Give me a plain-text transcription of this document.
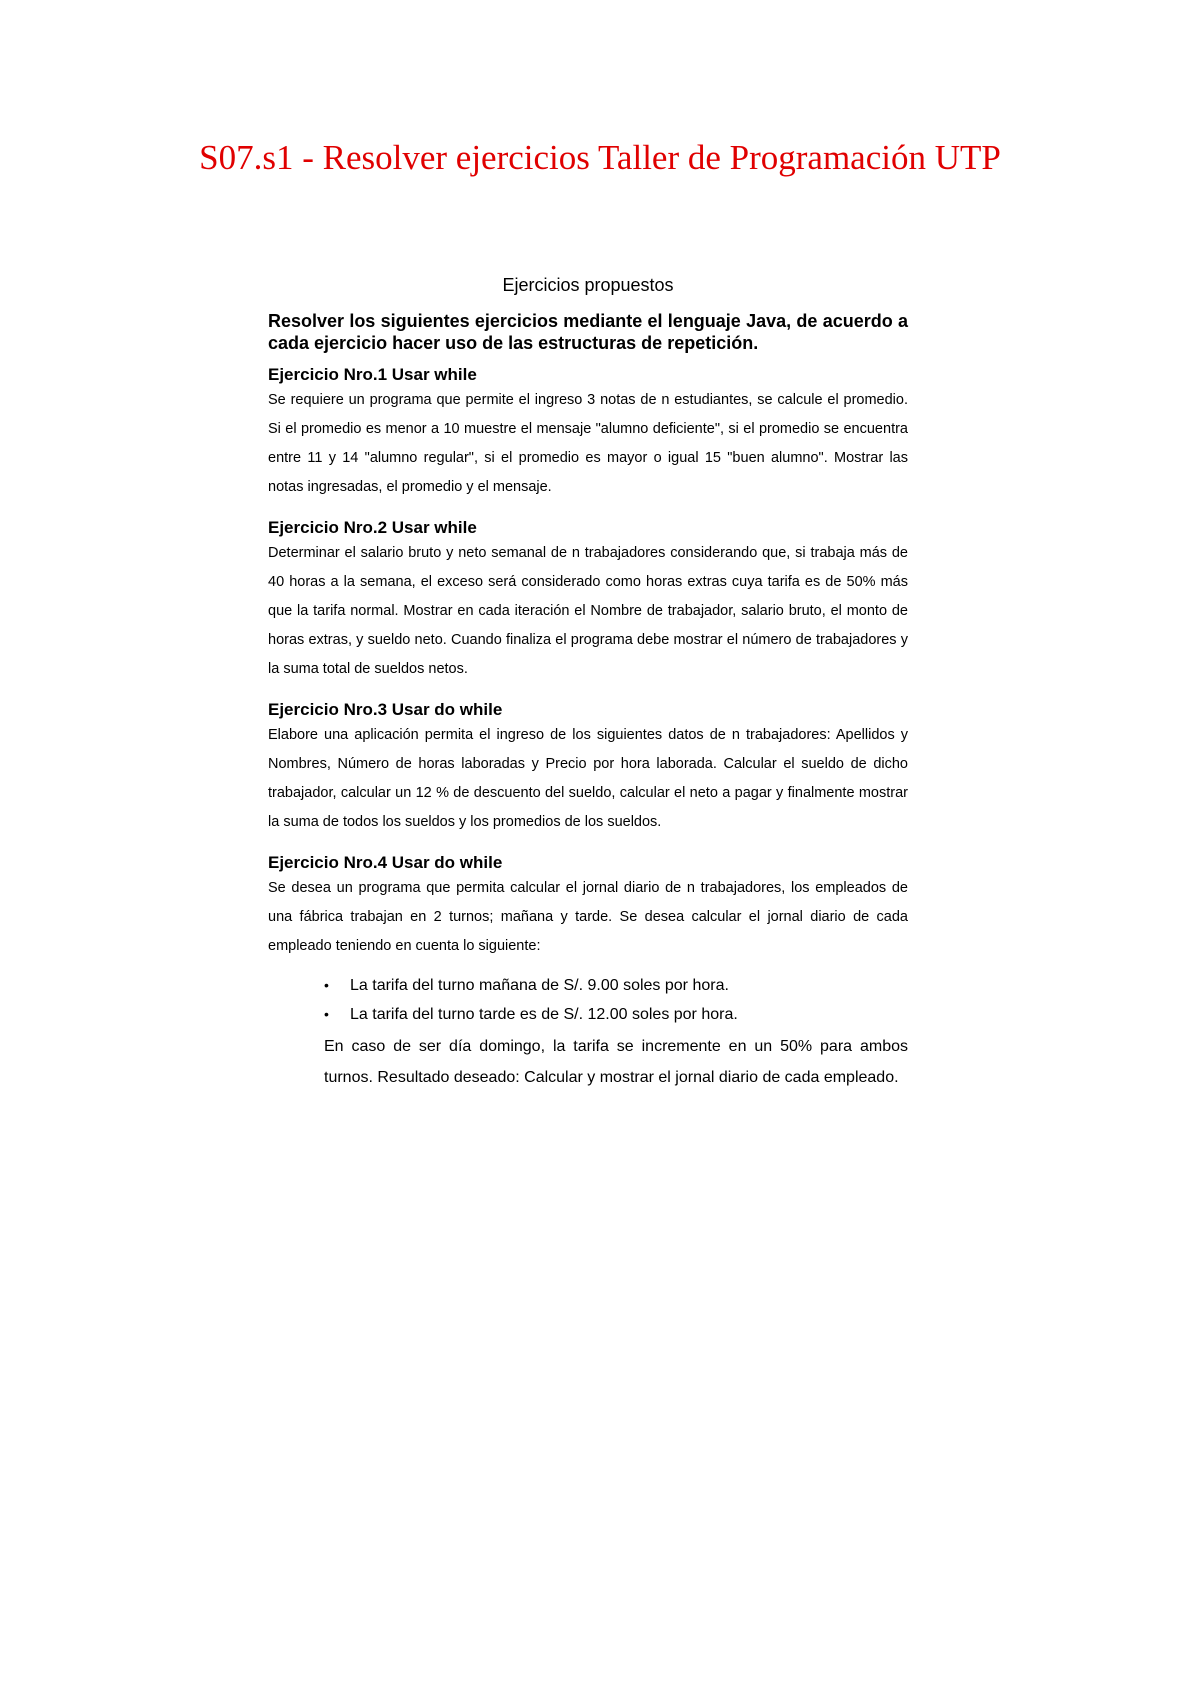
S07.s1 - Resolver ejercicios Taller de Programación UTP
Ejercicios propuestos

Resolver los siguientes ejercicios mediante el lenguaje Java, de acuerdo a cada ejercicio hacer uso de las estructuras de repetición.

Ejercicio Nro.1 Usar while

Se requiere un programa que permite el ingreso 3 notas de n estudiantes, se calcule el promedio. Si el promedio es menor a 10 muestre el mensaje "alumno deficiente", si el promedio se encuentra entre 11 y 14 "alumno regular", si el promedio es mayor o igual 15 "buen alumno". Mostrar las notas ingresadas, el promedio y el mensaje.

Ejercicio Nro.2 Usar while

Determinar el salario bruto y neto semanal de n trabajadores considerando que, si trabaja más de 40 horas a la semana, el exceso será considerado como horas extras cuya tarifa es de 50% más que la tarifa normal. Mostrar en cada iteración el Nombre de trabajador, salario bruto, el monto de horas extras, y sueldo neto. Cuando finaliza el programa debe mostrar el número de trabajadores y la suma total de sueldos netos.

Ejercicio Nro.3 Usar do while

Elabore una aplicación permita el ingreso de los siguientes datos de n trabajadores: Apellidos y Nombres, Número de horas laboradas y Precio por hora laborada. Calcular el sueldo de dicho trabajador, calcular un 12 % de descuento del sueldo, calcular el neto a pagar y finalmente mostrar la suma de todos los sueldos y los promedios de los sueldos.

Ejercicio Nro.4 Usar do while

Se desea un programa que permita calcular el jornal diario de n trabajadores, los empleados de una fábrica trabajan en 2 turnos; mañana y tarde. Se desea calcular el jornal diario de cada empleado teniendo en cuenta lo siguiente:

• La tarifa del turno mañana de S/. 9.00 soles por hora.
• La tarifa del turno tarde es de S/. 12.00 soles por hora.

En caso de ser día domingo, la tarifa se incremente en un 50% para ambos turnos. Resultado deseado: Calcular y mostrar el jornal diario de cada empleado.
